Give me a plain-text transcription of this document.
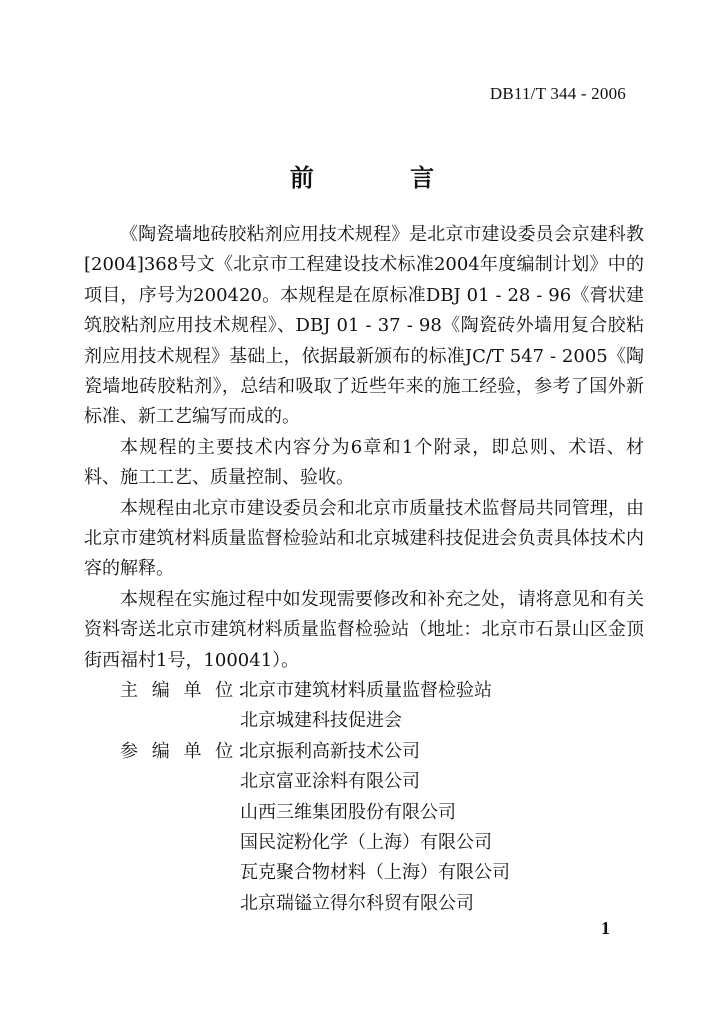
DB11/T 344 - 2006
前 言

《陶瓷墙地砖胶粘剂应用技术规程》是北京市建设委员会京建科教[2004]368号文《北京市工程建设技术标准2004年度编制计划》中的项目，序号为200420。本规程是在原标准DBJ 01 - 28 - 96《膏状建筑胶粘剂应用技术规程》、DBJ 01 - 37 - 98《陶瓷砖外墙用复合胶粘剂应用技术规程》基础上，依据最新颁布的标准JC/T 547 - 2005《陶瓷墙地砖胶粘剂》，总结和吸取了近些年来的施工经验，参考了国外新标准、新工艺编写而成的。

本规程的主要技术内容分为6章和1个附录，即总则、术语、材料、施工工艺、质量控制、验收。

本规程由北京市建设委员会和北京市质量技术监督局共同管理，由北京市建筑材料质量监督检验站和北京城建科技促进会负责具体技术内容的解释。

本规程在实施过程中如发现需要修改和补充之处，请将意见和有关资料寄送北京市建筑材料质量监督检验站（地址：北京市石景山区金顶街西福村1号，100041）。

主 编 单 位：
北京市建筑材料质量监督检验站
北京城建科技促进会
参 编 单 位：
北京振利高新技术公司
北京富亚涂料有限公司
山西三维集团股份有限公司
国民淀粉化学（上海）有限公司
瓦克聚合物材料（上海）有限公司
北京瑞镒立得尔科贸有限公司
1
